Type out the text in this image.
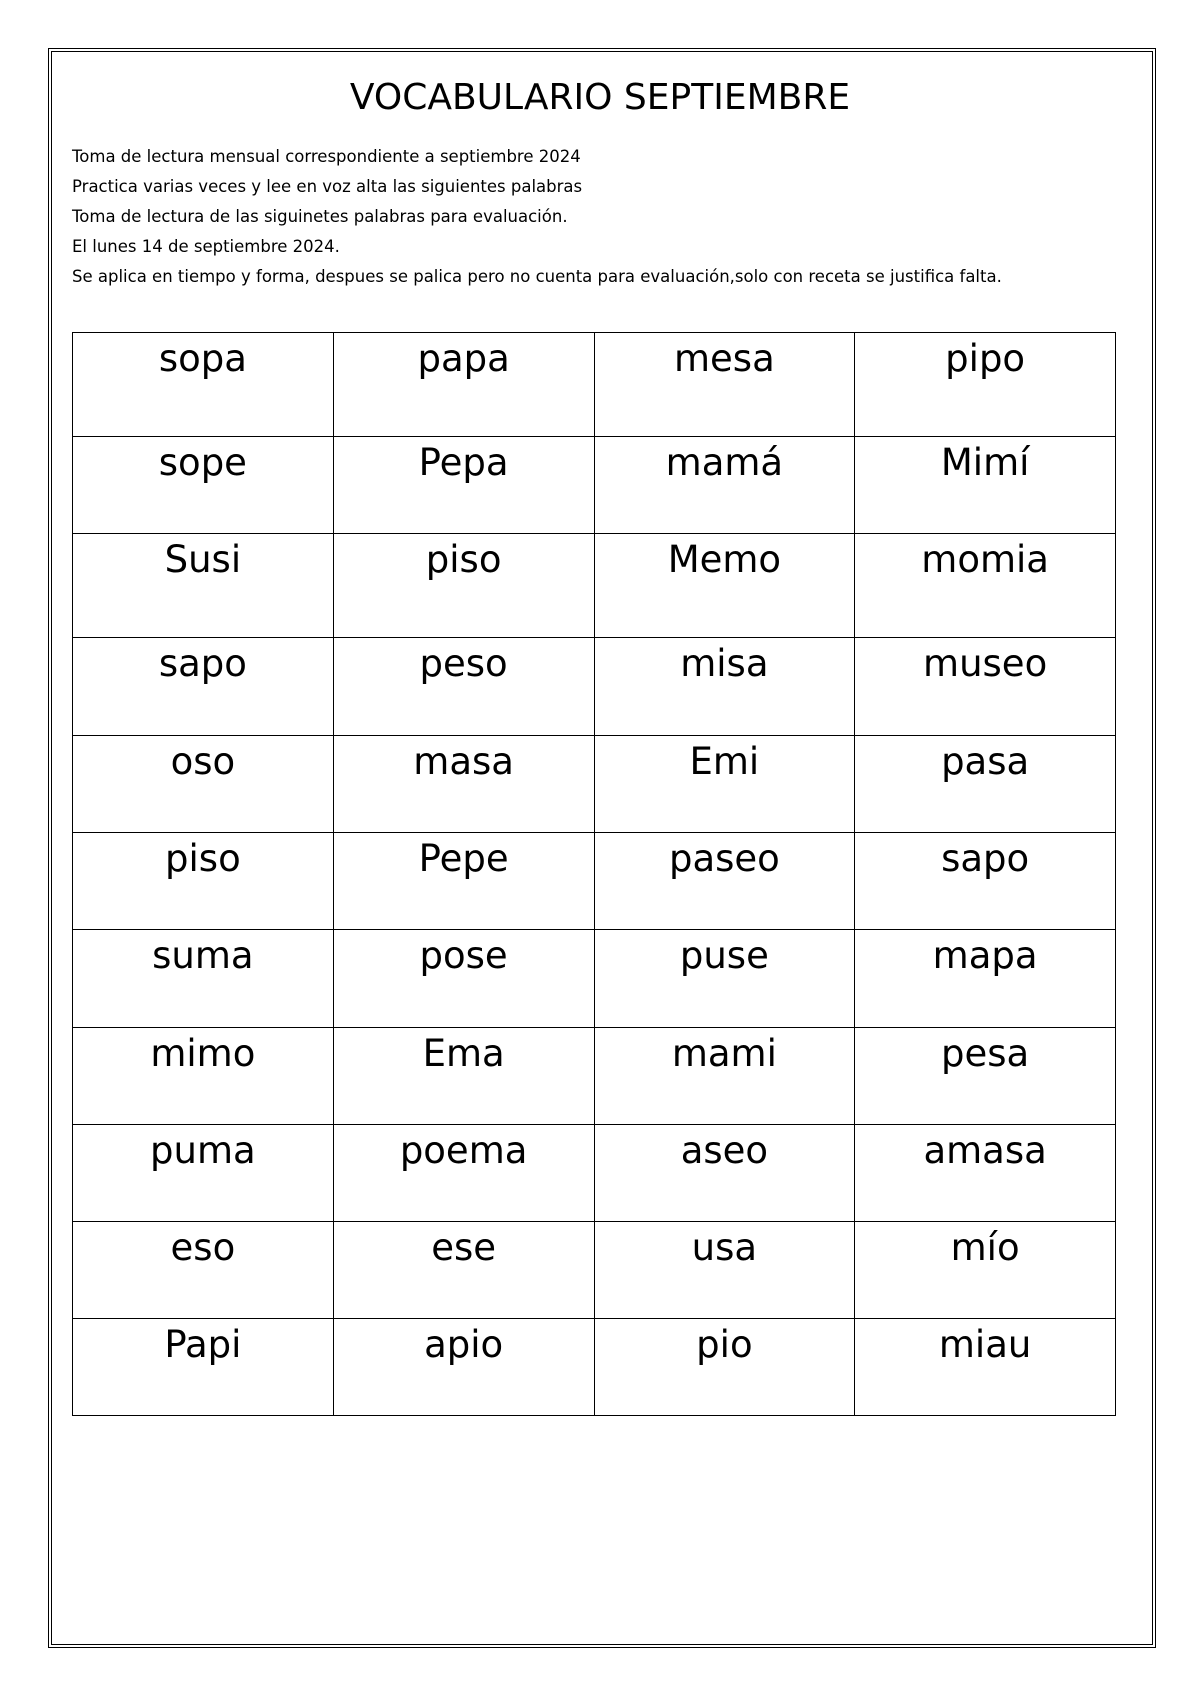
VOCABULARIO SEPTIEMBRE

Toma de lectura mensual correspondiente a septiembre 2024

Practica varias veces y lee en voz alta las siguientes palabras

Toma de lectura de las siguinetes palabras para evaluación.

El lunes 14 de septiembre 2024.

Se aplica en tiempo y forma, despues se palica pero no cuenta para evaluación,solo con receta se justifica falta.

sopa	papa	mesa	pipo
sope	Pepa	mamá	Mimí
Susi	piso	Memo	momia
sapo	peso	misa	museo
oso	masa	Emi	pasa
piso	Pepe	paseo	sapo
suma	pose	puse	mapa
mimo	Ema	mami	pesa
puma	poema	aseo	amasa
eso	ese	usa	mío
Papi	apio	pio	miau
